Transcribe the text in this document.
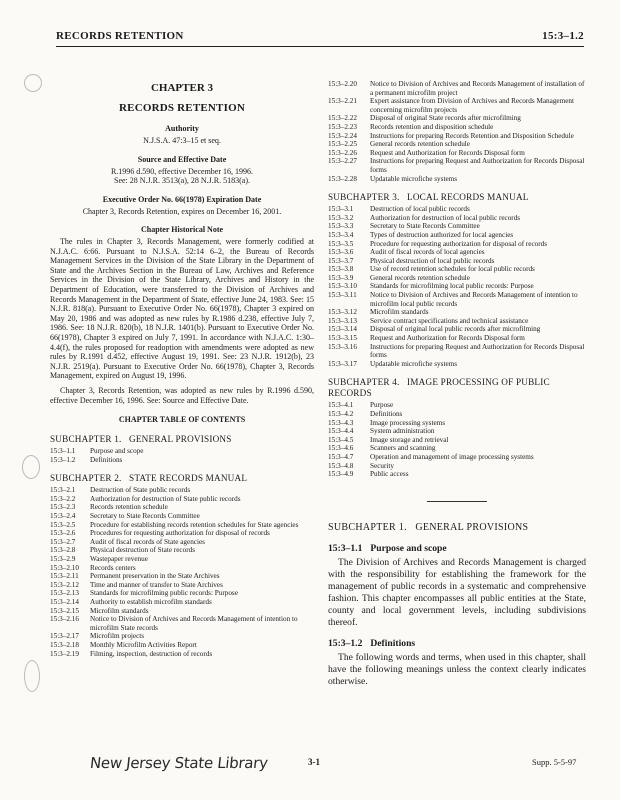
RECORDS RETENTION	15:3–1.2
CHAPTER 3
RECORDS RETENTION
Authority
N.J.S.A. 47:3–15 et seq.
Source and Effective Date
R.1996 d.590, effective December 16, 1996.
See: 28 N.J.R. 3513(a), 28 N.J.R. 5183(a).
Executive Order No. 66(1978) Expiration Date
Chapter 3, Records Retention, expires on December 16, 2001.
Chapter Historical Note

The rules in Chapter 3, Records Management, were formerly codified at N.J.A.C. 6:66. Pursuant to N.J.S.A. 52:14 6–2, the Bureau of Records Management Services in the Division of the State Library in the Department of State and the Archives Section in the Bureau of Law, Archives and Reference Services in the Division of the State Library, Archives and History in the Department of Education, were transferred to the Division of Archives and Records Management in the Department of State, effective June 24, 1983. See: 15 N.J.R. 818(a). Pursuant to Executive Order No. 66(1978), Chapter 3 expired on May 20, 1986 and was adopted as new rules by R.1986 d.238, effective July 7, 1986. See: 18 N.J.R. 820(b), 18 N.J.R. 1401(b). Pursuant to Executive Order No. 66(1978), Chapter 3 expired on July 7, 1991. In accordance with N.J.A.C. 1:30–4.4(f), the rules proposed for readoption with amendments were adopted as new rules by R.1991 d.452, effective August 19, 1991. See: 23 N.J.R. 1912(b), 23 N.J.R. 2519(a). Pursuant to Executive Order No. 66(1978), Chapter 3, Records Management, expired on August 19, 1996.

Chapter 3, Records Retention, was adopted as new rules by R.1996 d.590, effective December 16, 1996. See: Source and Effective Date.

CHAPTER TABLE OF CONTENTS
SUBCHAPTER 1. GENERAL PROVISIONS
15:3–1.1	Purpose and scope
15:3–1.2	Definitions
SUBCHAPTER 2. STATE RECORDS MANUAL
15:3–2.1	Destruction of State public records
15:3–2.2	Authorization for destruction of State public records
15:3–2.3	Records retention schedule
15:3–2.4	Secretary to State Records Committee
15:3–2.5	Procedure for establishing records retention schedules for State agencies
15:3–2.6	Procedures for requesting authorization for disposal of records
15:3–2.7	Audit of fiscal records of State agencies
15:3–2.8	Physical destruction of State records
15:3–2.9	Wastepaper revenue
15:3–2.10	Records centers
15:3–2.11	Permanent preservation in the State Archives
15:3–2.12	Time and manner of transfer to State Archives
15:3–2.13	Standards for microfilming public records: Purpose
15:3–2.14	Authority to establish microfilm standards
15:3–2.15	Microfilm standards
15:3–2.16	Notice to Division of Archives and Records Management of intention to microfilm State records
15:3–2.17	Microfilm projects
15:3–2.18	Monthly Microfilm Activities Report
15:3–2.19	Filming, inspection, destruction of records
15:3–2.20	Notice to Division of Archives and Records Management of installation of a permanent microfilm project
15:3–2.21	Expert assistance from Division of Archives and Records Management concerning microfilm projects
15:3–2.22	Disposal of original State records after microfilming
15:3–2.23	Records retention and disposition schedule
15:3–2.24	Instructions for preparing Records Retention and Disposition Schedule
15:3–2.25	General records retention schedule
15:3–2.26	Request and Authorization for Records Disposal form
15:3–2.27	Instructions for preparing Request and Authorization for Records Disposal forms
15:3–2.28	Updatable microfiche systems
SUBCHAPTER 3. LOCAL RECORDS MANUAL
15:3–3.1	Destruction of local public records
15:3–3.2	Authorization for destruction of local public records
15:3–3.3	Secretary to State Records Committee
15:3–3.4	Types of destruction authorized for local agencies
15:3–3.5	Procedure for requesting authorization for disposal of records
15:3–3.6	Audit of fiscal records of local agencies
15:3–3.7	Physical destruction of local public records
15:3–3.8	Use of record retention schedules for local public records
15:3–3.9	General records retention schedule
15:3–3.10	Standards for microfilming local public records: Purpose
15:3–3.11	Notice to Division of Archives and Records Management of intention to microfilm local public records
15:3–3.12	Microfilm standards
15:3–3.13	Service contract specifications and technical assistance
15:3–3.14	Disposal of original local public records after microfilming
15:3–3.15	Request and Authorization for Records Disposal form
15:3–3.16	Instructions for preparing Request and Authorization for Records Disposal forms
15:3–3.17	Updatable microfiche systems
SUBCHAPTER 4. IMAGE PROCESSING OF PUBLIC RECORDS
15:3–4.1	Purpose
15:3–4.2	Definitions
15:3–4.3	Image processing systems
15:3–4.4	System administration
15:3–4.5	Image storage and retrieval
15:3–4.6	Scanners and scanning
15:3–4.7	Operation and management of image processing systems
15:3–4.8	Security
15:3–4.9	Public access
SUBCHAPTER 1.   GENERAL PROVISIONS
15:3–1.1 Purpose and scope

The Division of Archives and Records Management is charged with the responsibility for establishing the framework for the management of public records in a systematic and comprehensive fashion. This chapter encompasses all public entities at the State, county and local government levels, including subdivisions thereof.

15:3–1.2 Definitions

The following words and terms, when used in this chapter, shall have the following meanings unless the context clearly indicates otherwise.

New Jersey State Library	3-1	Supp. 5-5-97
